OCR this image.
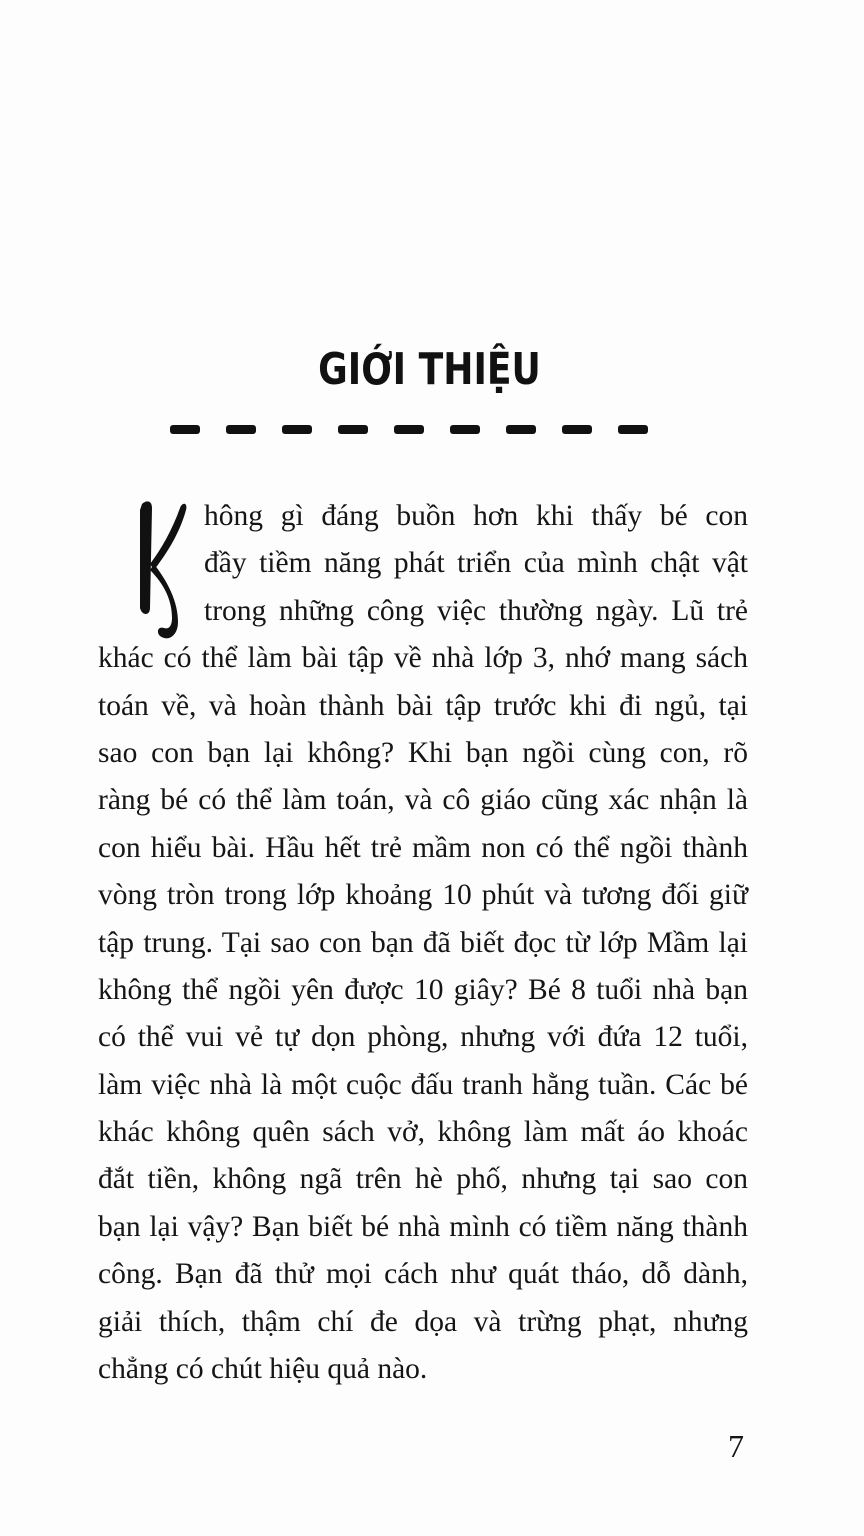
GIỚI THIỆU
hông gì đáng buồn hơn khi thấy bé con
đầy tiềm năng phát triển của mình chật vật
trong những công việc thường ngày. Lũ trẻ
khác có thể làm bài tập về nhà lớp 3, nhớ mang sách
toán về, và hoàn thành bài tập trước khi đi ngủ, tại
sao con bạn lại không? Khi bạn ngồi cùng con, rõ
ràng bé có thể làm toán, và cô giáo cũng xác nhận là
con hiểu bài. Hầu hết trẻ mầm non có thể ngồi thành
vòng tròn trong lớp khoảng 10 phút và tương đối giữ
tập trung. Tại sao con bạn đã biết đọc từ lớp Mầm lại
không thể ngồi yên được 10 giây? Bé 8 tuổi nhà bạn
có thể vui vẻ tự dọn phòng, nhưng với đứa 12 tuổi,
làm việc nhà là một cuộc đấu tranh hằng tuần. Các bé
khác không quên sách vở, không làm mất áo khoác
đắt tiền, không ngã trên hè phố, nhưng tại sao con
bạn lại vậy? Bạn biết bé nhà mình có tiềm năng thành
công. Bạn đã thử mọi cách như quát tháo, dỗ dành,
giải thích, thậm chí đe dọa và trừng phạt, nhưng
chẳng có chút hiệu quả nào.
7
